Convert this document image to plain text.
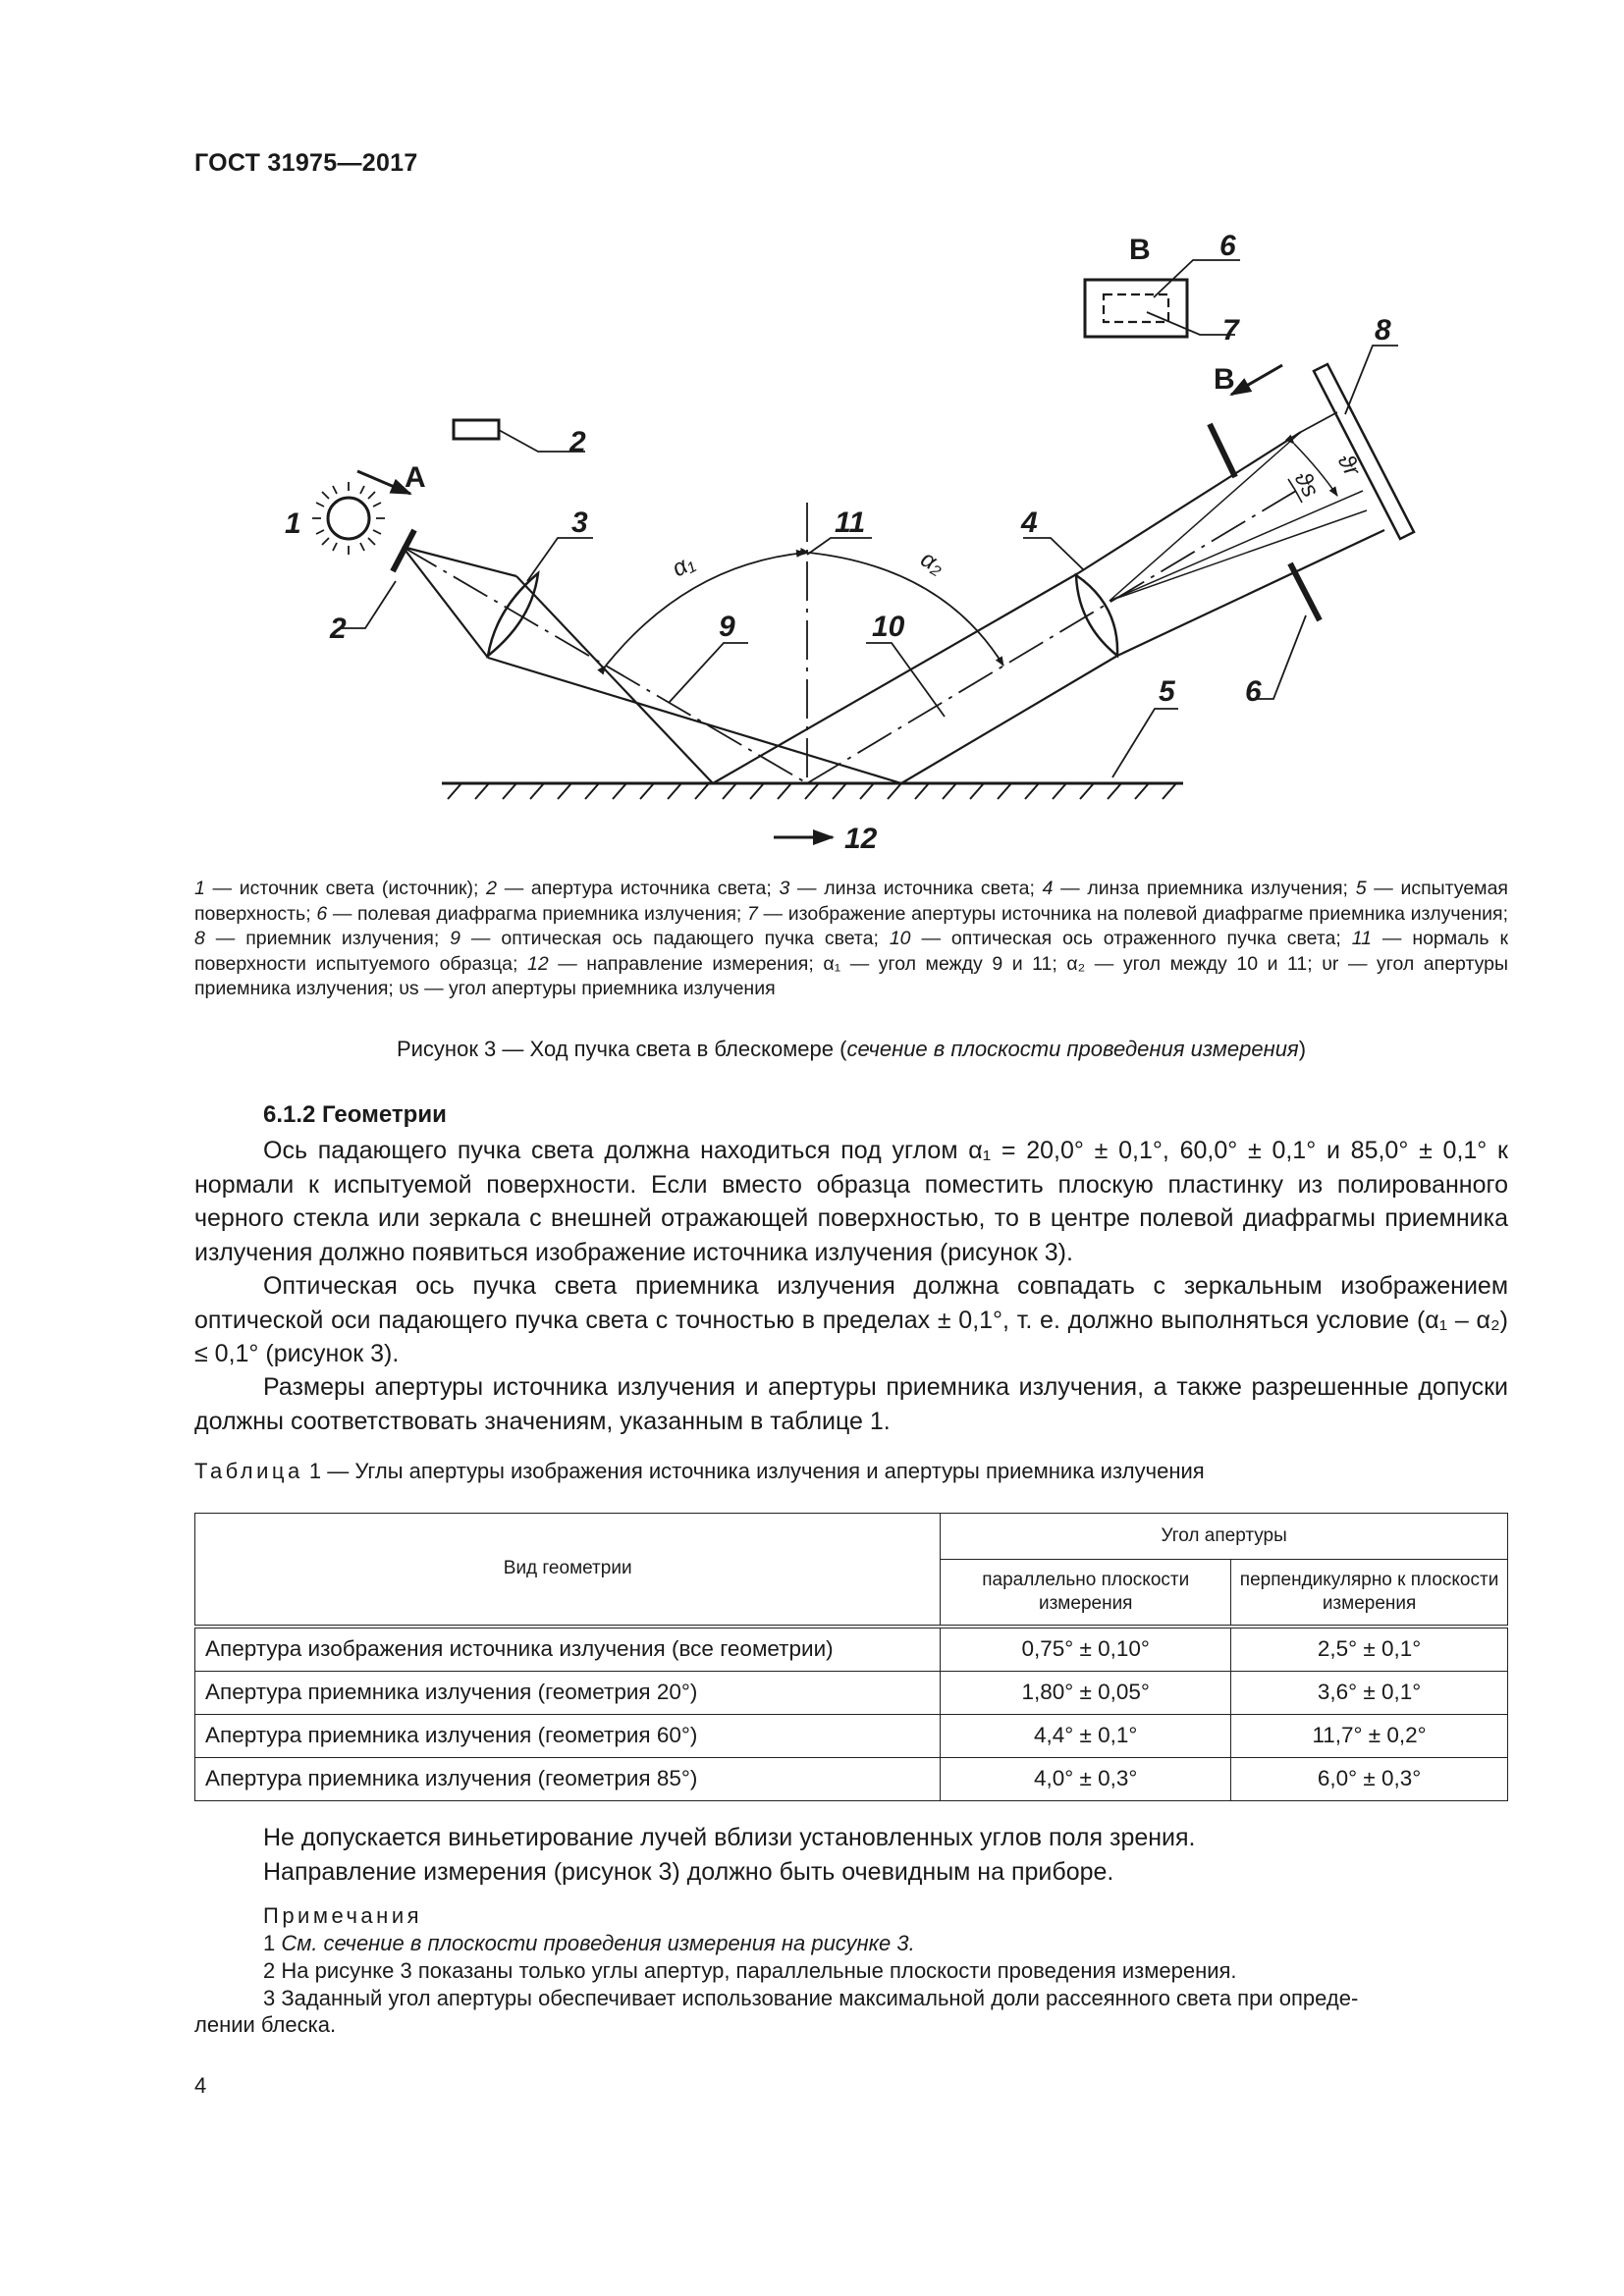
ГОСТ 31975—2017
1
2
2
3	4
5
6
6
7	8
9	10
11
12
А
В
В
α₁	α₂
ϑr
ϑs
1 — источник света (источник); 2 — апертура источника света; 3 — линза источника света; 4 — линза приемника излучения; 5 — испытуемая поверхность; 6 — полевая диафрагма приемника излучения; 7 — изображение апертуры источника на полевой диафрагме приемника излучения; 8 — приемник излучения; 9 — оптическая ось падающего пучка света; 10 — оптическая ось отраженного пучка света; 11 — нормаль к поверхности испытуемого образца; 12 — направление измерения; α₁ — угол между 9 и 11; α₂ — угол между 10 и 11; υr — угол апертуры приемника излучения; υs — угол апертуры приемника излучения
Рисунок 3 — Ход пучка света в блескомере (сечение в плоскости проведения измерения)
6.1.2 Геометрии
Ось падающего пучка света должна находиться под углом α₁ = 20,0° ± 0,1°, 60,0° ± 0,1° и 85,0° ± 0,1° к нормали к испытуемой поверхности. Если вместо образца поместить плоскую пластинку из полированного черного стекла или зеркала с внешней отражающей поверхностью, то в центре полевой диафрагмы приемника излучения должно появиться изображение источника излучения (рисунок 3).
Оптическая ось пучка света приемника излучения должна совпадать с зеркальным изображением оптической оси падающего пучка света с точностью в пределах ± 0,1°, т. е. должно выполняться условие (α₁ – α₂) ≤ 0,1° (рисунок 3).
Размеры апертуры источника излучения и апертуры приемника излучения, а также разрешенные допуски должны соответствовать значениям, указанным в таблице 1.
Таблица 1 — Углы апертуры изображения источника излучения и апертуры приемника излучения
Вид геометрии	Угол апертуры	
	параллельно плоскости измерения	перпендикулярно к плоскости измерения
Апертура изображения источника излучения (все геометрии)	0,75° ± 0,10°	2,5° ± 0,1°
Апертура приемника излучения (геометрия 20°)	1,80° ± 0,05°	3,6° ± 0,1°
Апертура приемника излучения (геометрия 60°)	4,4° ± 0,1°	11,7° ± 0,2°
Апертура приемника излучения (геометрия 85°)	4,0° ± 0,3°	6,0° ± 0,3°
Не допускается виньетирование лучей вблизи установленных углов поля зрения.
Направление измерения (рисунок 3) должно быть очевидным на приборе.
Примечания
1 См. сечение в плоскости проведения измерения на рисунке 3.
2 На рисунке 3 показаны только углы апертур, параллельные плоскости проведения измерения.
3 Заданный угол апертуры обеспечивает использование максимальной доли рассеянного света при опреде-
лении блеска.
4
